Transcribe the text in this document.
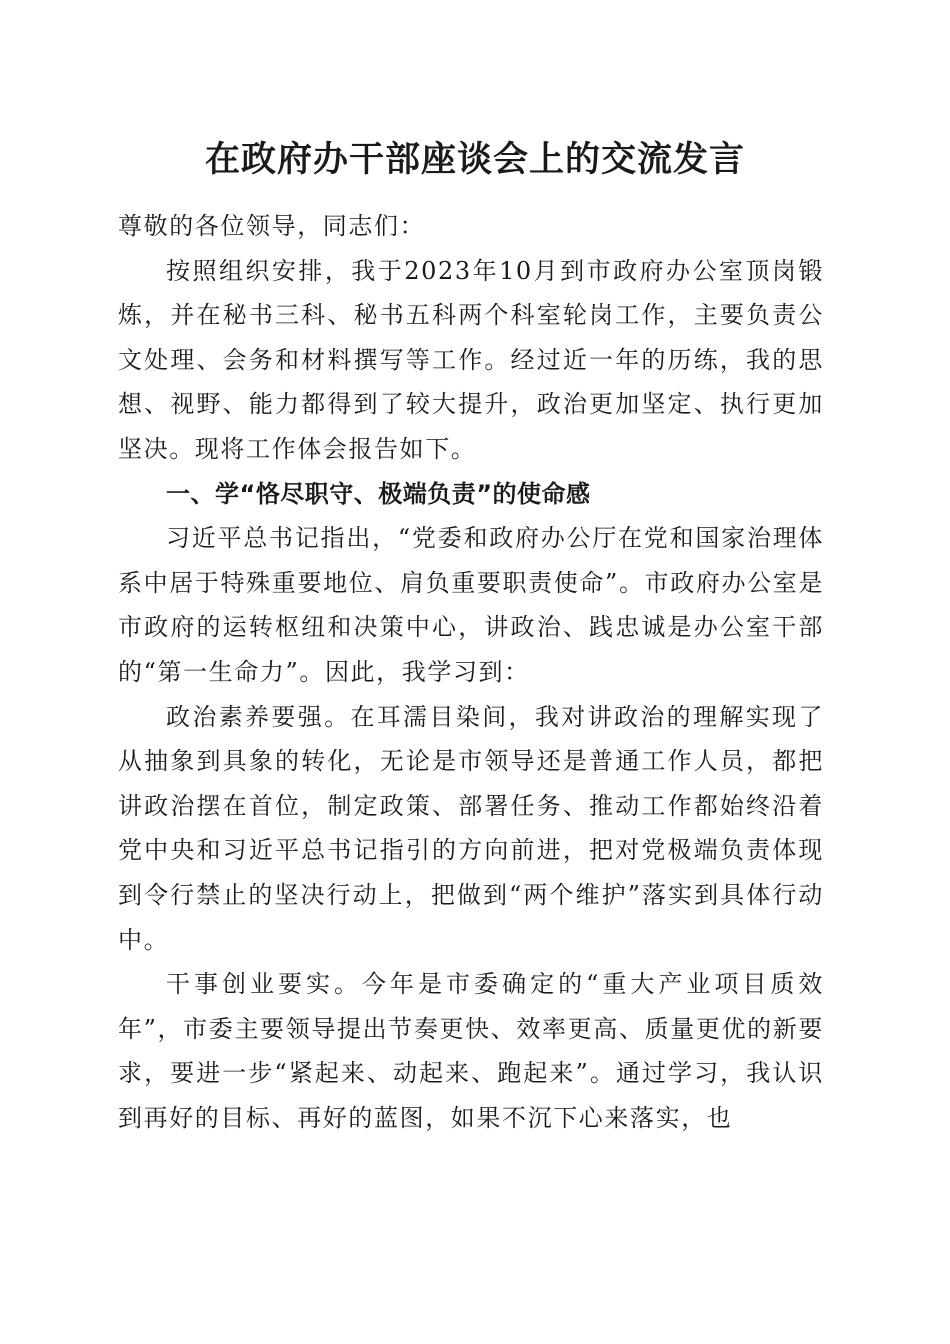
在政府办干部座谈会上的交流发言

尊敬的各位领导，同志们：

按照组织安排，我于2023年10月到市政府办公室顶岗锻炼，并在秘书三科、秘书五科两个科室轮岗工作，主要负责公文处理、会务和材料撰写等工作。经过近一年的历练，我的思想、视野、能力都得到了较大提升，政治更加坚定、执行更加坚决。现将工作体会报告如下。

一、学“恪尽职守、极端负责”的使命感

习近平总书记指出，“党委和政府办公厅在党和国家治理体系中居于特殊重要地位、肩负重要职责使命”。市政府办公室是市政府的运转枢纽和决策中心，讲政治、践忠诚是办公室干部的“第一生命力”。因此，我学习到：

政治素养要强。在耳濡目染间，我对讲政治的理解实现了从抽象到具象的转化，无论是市领导还是普通工作人员，都把讲政治摆在首位，制定政策、部署任务、推动工作都始终沿着党中央和习近平总书记指引的方向前进，把对党极端负责体现到令行禁止的坚决行动上，把做到“两个维护”落实到具体行动中。

干事创业要实。今年是市委确定的“重大产业项目质效年”，市委主要领导提出节奏更快、效率更高、质量更优的新要求，要进一步“紧起来、动起来、跑起来”。通过学习，我认识到再好的目标、再好的蓝图，如果不沉下心来落实，也
